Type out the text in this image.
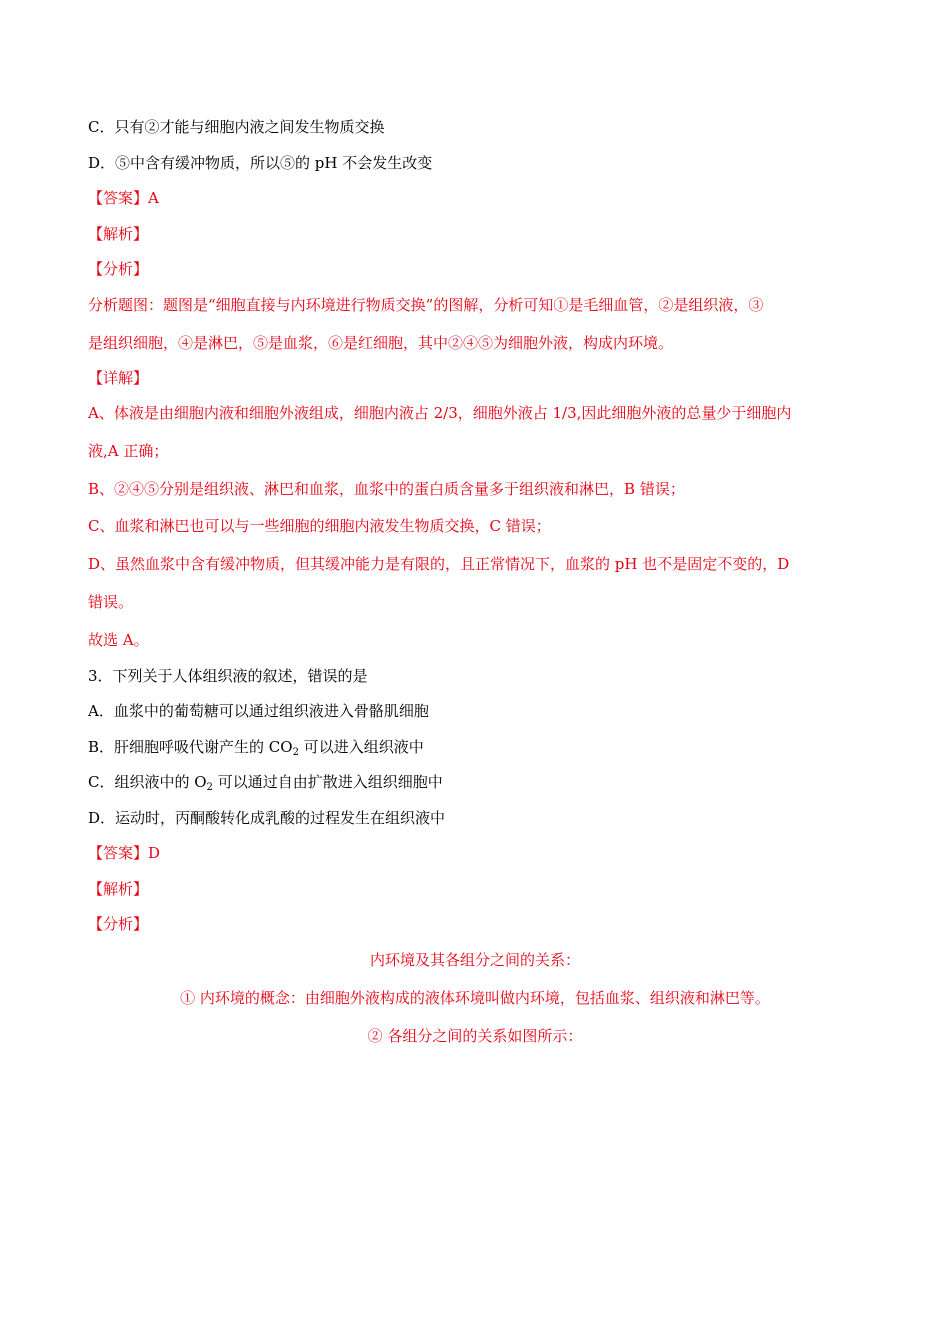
C．只有②才能与细胞内液之间发生物质交换
D．⑤中含有缓冲物质，所以⑤的 pH 不会发生改变
【答案】A
【解析】
【分析】
分析题图：题图是“细胞直接与内环境进行物质交换”的图解，分析可知①是毛细血管，②是组织液，③
是组织细胞，④是淋巴，⑤是血浆，⑥是红细胞，其中②④⑤为细胞外液，构成内环境。
【详解】
A、体液是由细胞内液和细胞外液组成，细胞内液占 2/3，细胞外液占 1/3,因此细胞外液的总量少于细胞内
液,A 正确；
B、②④⑤分别是组织液、淋巴和血浆，血浆中的蛋白质含量多于组织液和淋巴，B 错误；
C、血浆和淋巴也可以与一些细胞的细胞内液发生物质交换，C 错误；
D、虽然血浆中含有缓冲物质，但其缓冲能力是有限的，且正常情况下，血浆的 pH 也不是固定不变的，D
错误。
故选 A。
3．下列关于人体组织液的叙述，错误的是
A．血浆中的葡萄糖可以通过组织液进入骨骼肌细胞
B．肝细胞呼吸代谢产生的 $CO_2$ 可以进入组织液中
C．组织液中的 $O_2$ 可以通过自由扩散进入组织细胞中
D．运动时，丙酮酸转化成乳酸的过程发生在组织液中
【答案】D
【解析】
【分析】
内环境及其各组分之间的关系：
① 内环境的概念：由细胞外液构成的液体环境叫做内环境，包括血浆、组织液和淋巴等。
② 各组分之间的关系如图所示：
